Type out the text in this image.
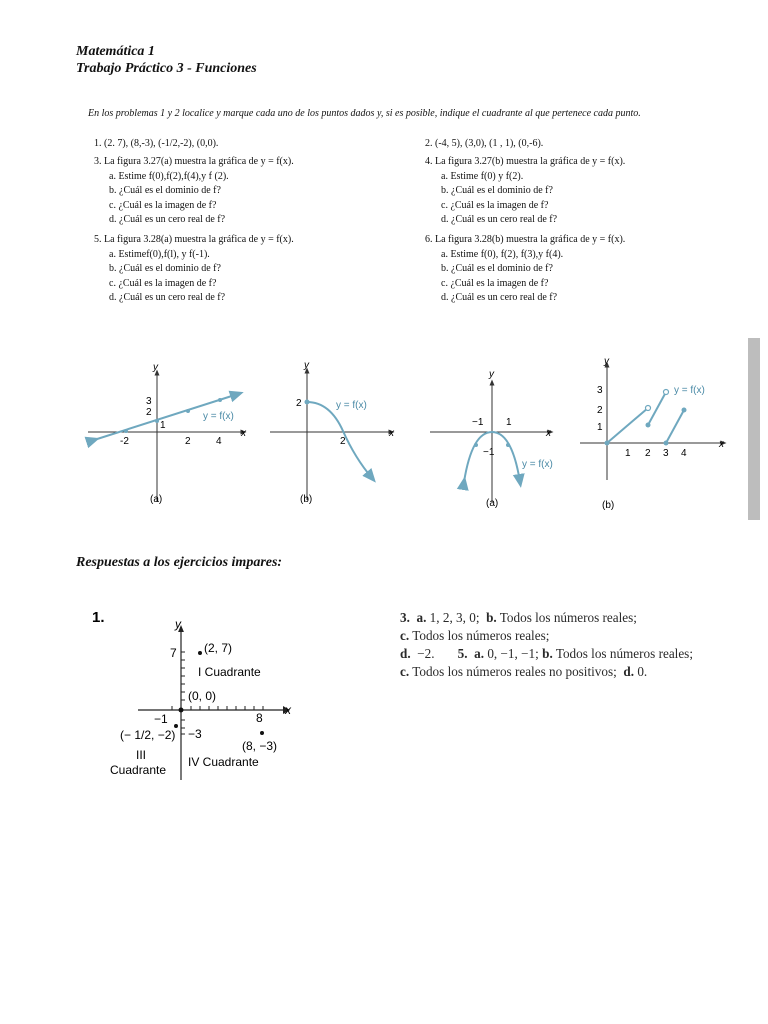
Matemática 1
Trabajo Práctico 3 - Funciones
En los problemas 1 y 2 localice y marque cada uno de los puntos dados y, si es posible, indique el cuadrante al que pertenece cada punto.
1. (2. 7), (8,-3), (-1/2,-2), (0,0).	2. (-4, 5), (3,0), (1 , 1), (0,-6).
3. La figura 3.27(a) muestra la gráfica de y = f(x).
a. Estime f(0),f(2),f(4),y f (2).
b. ¿Cuál es el dominio de f?
c. ¿Cuál es la imagen de f?
d. ¿Cuál es un cero real de f?
4. La figura 3.27(b) muestra la gráfica de y = f(x).
a. Estime f(0) y f(2).
b. ¿Cuál es el dominio de f?
c. ¿Cuál es la imagen de f?
d. ¿Cuál es un cero real de f?
5. La figura 3.28(a) muestra la gráfica de y = f(x).
a. Estimef(0),f(l), y f(-1).
b. ¿Cuál es el dominio de f?
c. ¿Cuál es la imagen de f?
d. ¿Cuál es un cero real de f?
6. La figura 3.28(b) muestra la gráfica de y = f(x).
a. Estime f(0), f(2), f(3),y f(4).
b. ¿Cuál es el dominio de f?
c. ¿Cuál es la imagen de f?
d. ¿Cuál es un cero real de f?
y
x
3
2
1
-2	2	4
y = f(x)
(a)
y
x
2
2
y = f(x)
(b)
y
x
−1
−1
1
y = f(x)
(a)
y
x
3
2
1
1 2 3 4
y = f(x)
(b)
Respuestas a los ejercicios impares:
1.	y
x
7
−1	8
−3
(2, 7)
I Cuadrante
(0, 0)
(− 1/2, −2)
(8, −3)
III
Cuadrante
IV Cuadrante
3. a. 1, 2, 3, 0; b. Todos los números reales;
c. Todos los números reales;
d. −2. 5. a. 0, −1, −1; b. Todos los números reales;
c. Todos los números reales no positivos; d. 0.
